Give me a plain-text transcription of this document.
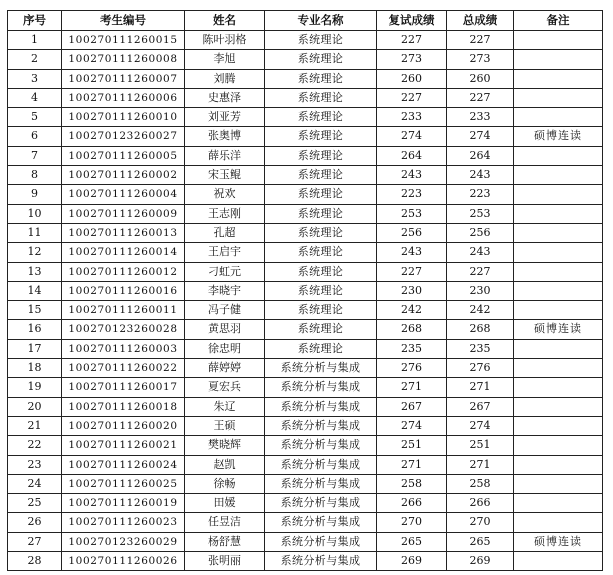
序号	考生编号	姓名	专业名称	复试成绩	总成绩	备注
1	100270111260015	陈叶羽格	系统理论	227	227	
2	100270111260008	李旭	系统理论	273	273	
3	100270111260007	刘腾	系统理论	260	260	
4	100270111260006	史惠泽	系统理论	227	227	
5	100270111260010	刘亚芳	系统理论	233	233	
6	100270123260027	张奥博	系统理论	274	274	硕博连读
7	100270111260005	薛乐洋	系统理论	264	264	
8	100270111260002	宋玉鲲	系统理论	243	243	
9	100270111260004	祝欢	系统理论	223	223	
10	100270111260009	王志刚	系统理论	253	253	
11	100270111260013	孔超	系统理论	256	256	
12	100270111260014	王启宇	系统理论	243	243	
13	100270111260012	刁虹元	系统理论	227	227	
14	100270111260016	李晓宇	系统理论	230	230	
15	100270111260011	冯子健	系统理论	242	242	
16	100270123260028	黄思羽	系统理论	268	268	硕博连读
17	100270111260003	徐忠明	系统理论	235	235	
18	100270111260022	薛婷婷	系统分析与集成	276	276	
19	100270111260017	夏宏兵	系统分析与集成	271	271	
20	100270111260018	朱辽	系统分析与集成	267	267	
21	100270111260020	王硕	系统分析与集成	274	274	
22	100270111260021	樊晓辉	系统分析与集成	251	251	
23	100270111260024	赵凯	系统分析与集成	271	271	
24	100270111260025	徐畅	系统分析与集成	258	258	
25	100270111260019	田媛	系统分析与集成	266	266	
26	100270111260023	任昱洁	系统分析与集成	270	270	
27	100270123260029	杨舒慧	系统分析与集成	265	265	硕博连读
28	100270111260026	张明丽	系统分析与集成	269	269	
